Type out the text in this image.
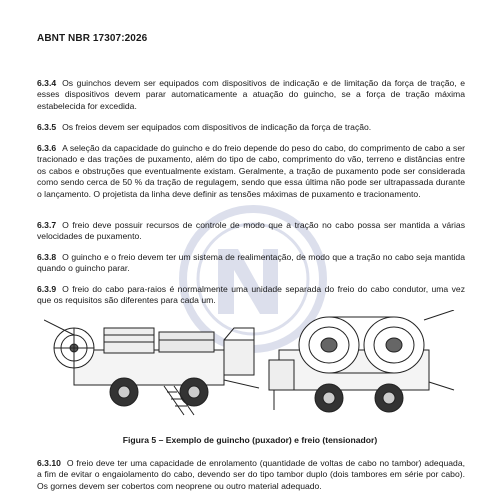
ABNT NBR 17307:2026

6.3.4 Os guinchos devem ser equipados com dispositivos de indicação e de limitação da força de tração, e esses dispositivos devem parar automaticamente a atuação do guincho, se a força de tração máxima estabelecida for excedida.

6.3.5 Os freios devem ser equipados com dispositivos de indicação da força de tração.

6.3.6 A seleção da capacidade do guincho e do freio depende do peso do cabo, do comprimento de cabo a ser tracionado e das traçōes de puxamento, além do tipo de cabo, comprimento do vão, terreno e distâncias entre os cabos e obstruções que eventualmente existam. Geralmente, a tração de puxamento pode ser considerada como sendo cerca de 50 % da tração de regulagem, sendo que essa última não pode ser ultrapassada durante o lançamento. O projetista da linha deve definir as tensões máximas de puxamento e tracionamento.

6.3.7 O freio deve possuir recursos de controle de modo que a tração no cabo possa ser mantida a várias velocidades de puxamento.

6.3.8 O guincho e o freio devem ter um sistema de realimentação, de modo que a tração no cabo seja mantida quando o guincho parar.

6.3.9 O freio do cabo para-raios é normalmente uma unidade separada do freio do cabo condutor, uma vez que os requisitos são diferentes para cada um.

Figura 5 – Exemplo de guincho (puxador) e freio (tensionador)

6.3.10 O freio deve ter uma capacidade de enrolamento (quantidade de voltas de cabo no tambor) adequada, a fim de evitar o engaiolamento do cabo, devendo ser do tipo tambor duplo (dois tambores em série por cabo). Os gornes devem ser cobertos com neoprene ou outro material adequado.
